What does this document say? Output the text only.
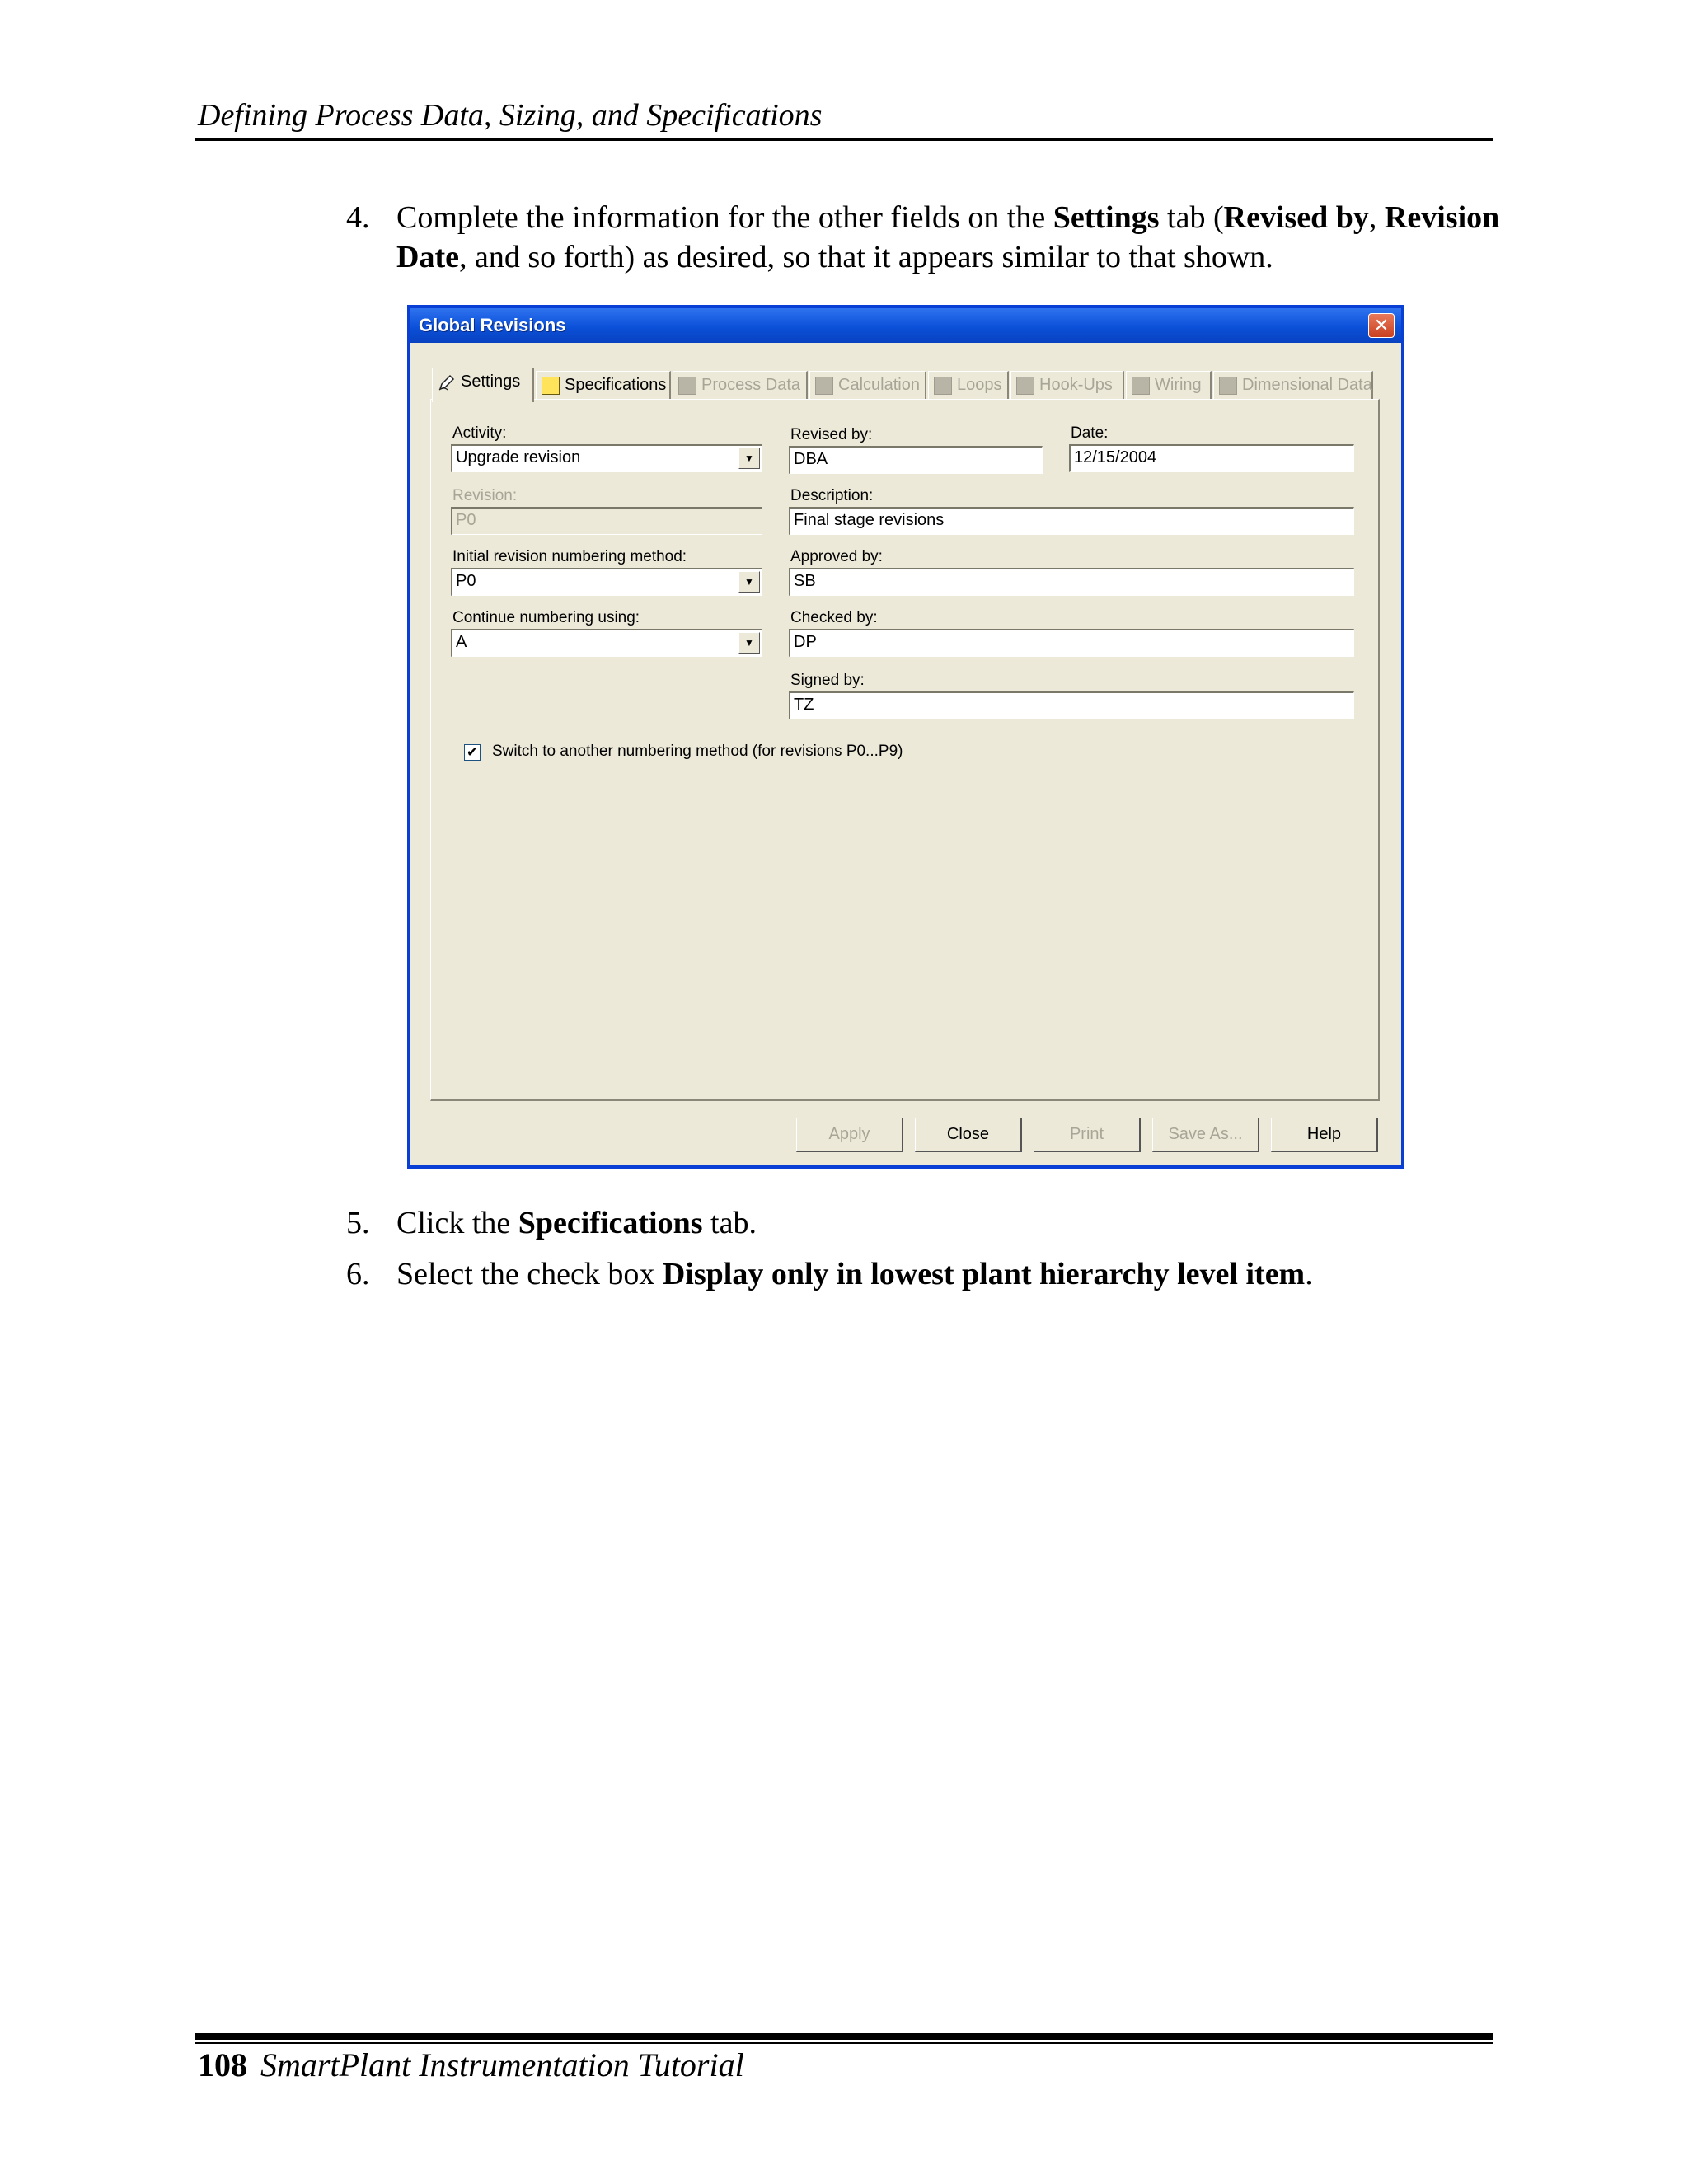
Defining Process Data, Sizing, and Specifications
4. Complete the information for the other fields on the Settings tab (Revised by, Revision Date, and so forth) as desired, so that it appears similar to that shown.
Global Revisions	✕
Settings	Specifications	Process Data	Calculation	Loops	Hook-Ups	Wiring	Dimensional Data
Activity:
Upgrade revision	▼
Revision:
P0
Initial revision numbering method:
P0	▼
Continue numbering using:
A	▼
Revised by:
DBA
Date:
12/15/2004
Description:
Final stage revisions
Approved by:
SB
Checked by:
DP
Signed by:
TZ
✔ Switch to another numbering method (for revisions P0...P9)
Apply	Close	Print	Save As...	Help
5. Click the Specifications tab.
6. Select the check box Display only in lowest plant hierarchy level item.
108 SmartPlant Instrumentation Tutorial
